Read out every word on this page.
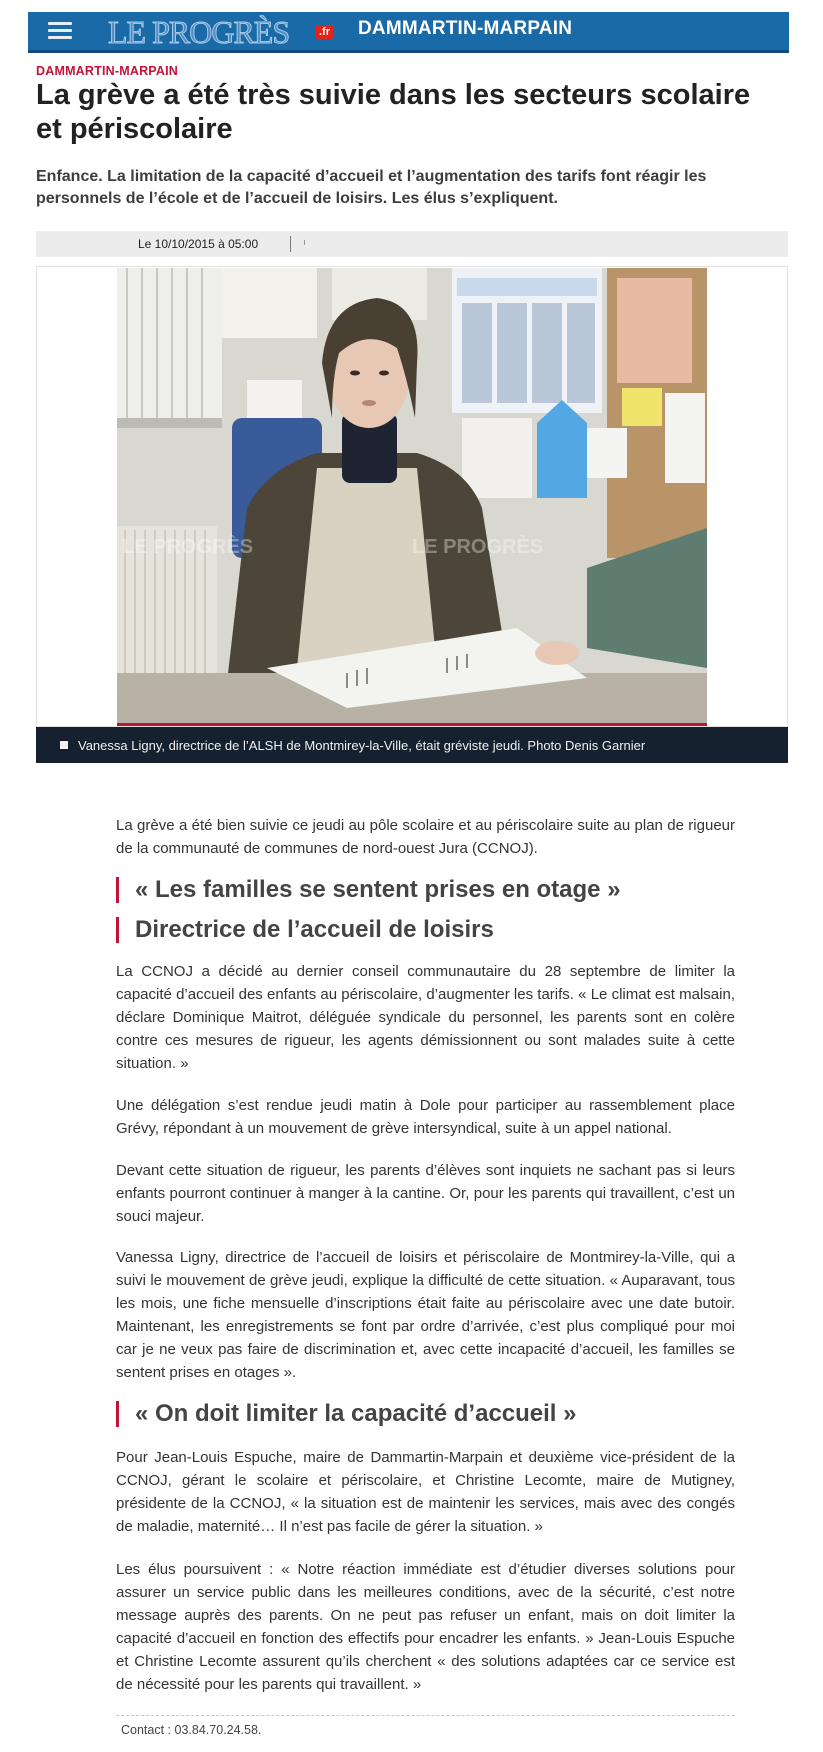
LE PROGRÈS	.fr DAMMARTIN-MARPAIN
DAMMARTIN-MARPAIN
La grève a été très suivie dans les secteurs scolaire et périscolaire

Enfance. La limitation de la capacité d’accueil et l’augmentation des tarifs font réagir les personnels de l’école et de l’accueil de loisirs. Les élus s’expliquent.

Le 10/10/2015 à 05:00
LE PROGRÈS
LE PROGRÈS
Vanessa Ligny, directrice de l’ALSH de Montmirey-la-Ville, était gréviste jeudi. Photo Denis Garnier

La grève a été bien suivie ce jeudi au pôle scolaire et au périscolaire suite au plan de rigueur de la communauté de communes de nord-ouest Jura (CCNOJ).

« Les familles se sentent prises en otage »
Directrice de l’accueil de loisirs

La CCNOJ a décidé au dernier conseil communautaire du 28 septembre de limiter la capacité d’accueil des enfants au périscolaire, d’augmenter les tarifs. « Le climat est malsain, déclare Dominique Maitrot, déléguée syndicale du personnel, les parents sont en colère contre ces mesures de rigueur, les agents démissionnent ou sont malades suite à cette situation. »

Une délégation s’est rendue jeudi matin à Dole pour participer au rassemblement place Grévy, répondant à un mouvement de grève intersyndical, suite à un appel national.

Devant cette situation de rigueur, les parents d’élèves sont inquiets ne sachant pas si leurs enfants pourront continuer à manger à la cantine. Or, pour les parents qui travaillent, c’est un souci majeur.

Vanessa Ligny, directrice de l’accueil de loisirs et périscolaire de Montmirey-la-Ville, qui a suivi le mouvement de grève jeudi, explique la difficulté de cette situation. « Auparavant, tous les mois, une fiche mensuelle d’inscriptions était faite au périscolaire avec une date butoir. Maintenant, les enregistrements se font par ordre d’arrivée, c’est plus compliqué pour moi car je ne veux pas faire de discrimination et, avec cette incapacité d’accueil, les familles se sentent prises en otages ».

« On doit limiter la capacité d’accueil »

Pour Jean-Louis Espuche, maire de Dammartin-Marpain et deuxième vice-président de la CCNOJ, gérant le scolaire et périscolaire, et Christine Lecomte, maire de Mutigney, présidente de la CCNOJ, « la situation est de maintenir les services, mais avec des congés de maladie, maternité… Il n’est pas facile de gérer la situation. »

Les élus poursuivent : « Notre réaction immédiate est d’étudier diverses solutions pour assurer un service public dans les meilleures conditions, avec de la sécurité, c’est notre message auprès des parents. On ne peut pas refuser un enfant, mais on doit limiter la capacité d’accueil en fonction des effectifs pour encadrer les enfants. » Jean-Louis Espuche et Christine Lecomte assurent qu’ils cherchent « des solutions adaptées car ce service est de nécessité pour les parents qui travaillent. »

Contact : 03.84.70.24.58.
